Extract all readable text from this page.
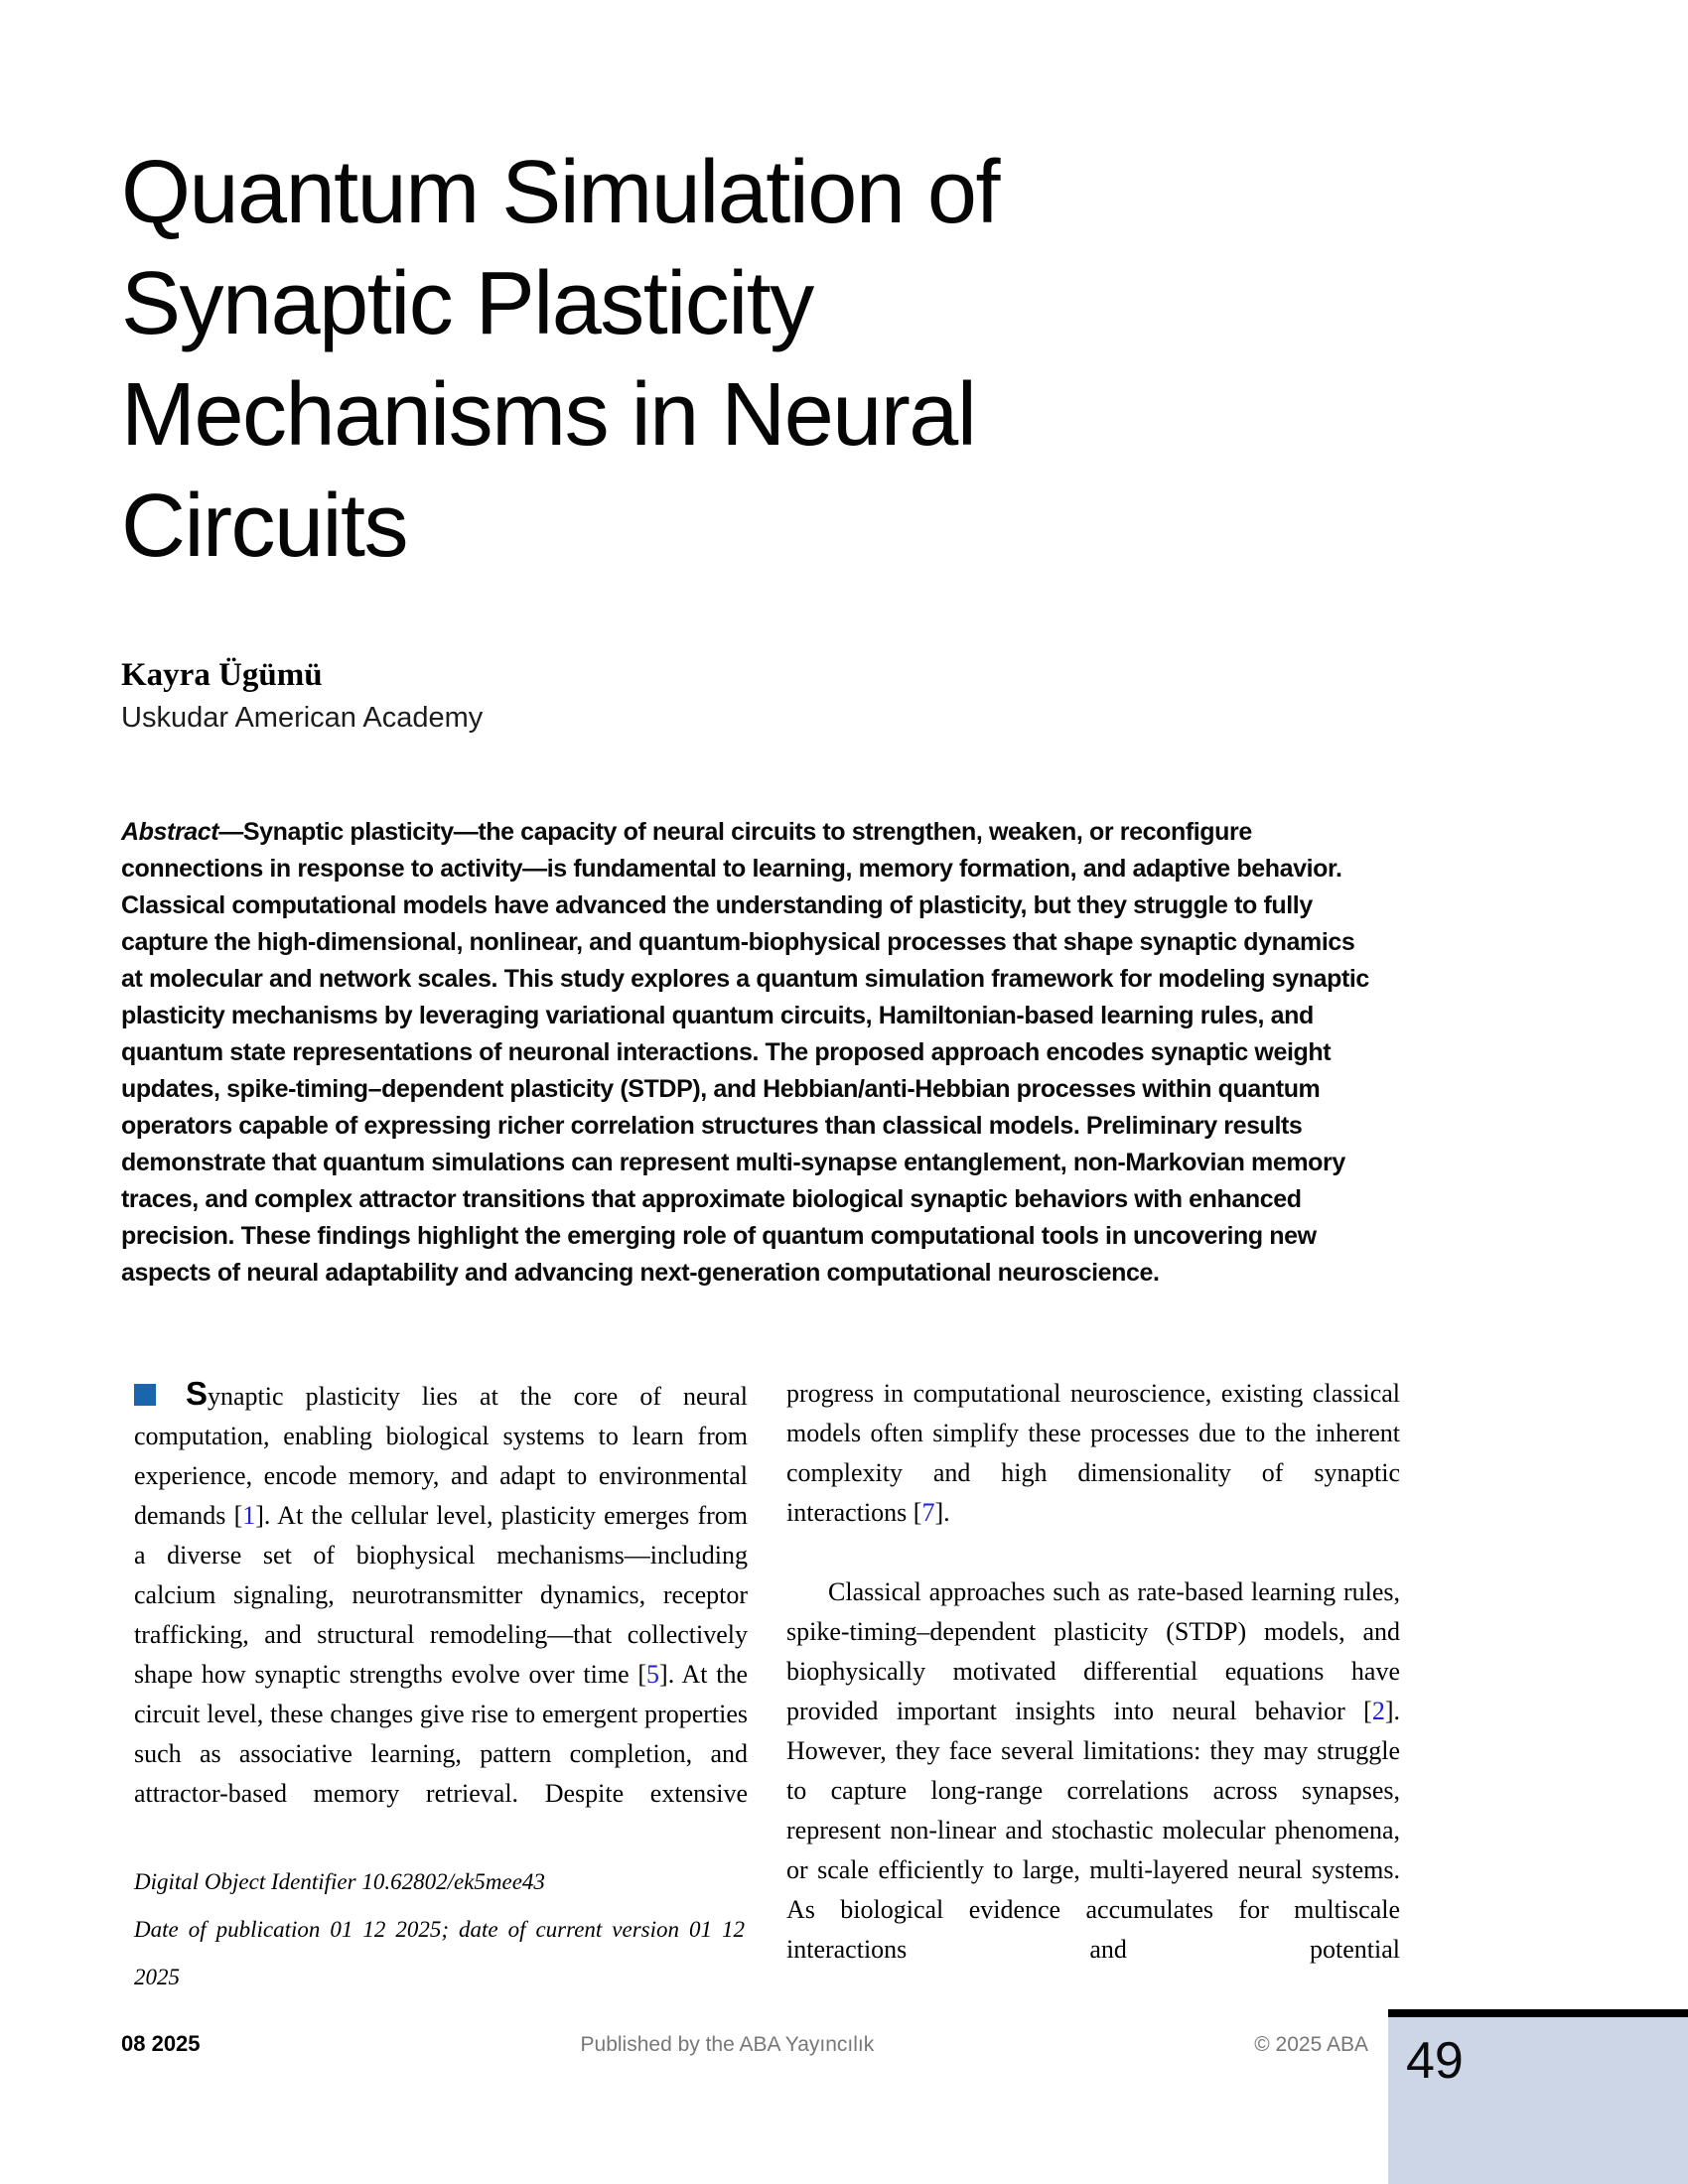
Quantum Simulation of
Synaptic Plasticity
Mechanisms in Neural
Circuits
Kayra Ügümü
Uskudar American Academy
Abstract—Synaptic plasticity—the capacity of neural circuits to strengthen, weaken, or reconfigure connections in response to activity—is fundamental to learning, memory formation, and adaptive behavior. Classical computational models have advanced the understanding of plasticity, but they struggle to fully capture the high-dimensional, nonlinear, and quantum-biophysical processes that shape synaptic dynamics at molecular and network scales. This study explores a quantum simulation framework for modeling synaptic plasticity mechanisms by leveraging variational quantum circuits, Hamiltonian-based learning rules, and quantum state representations of neuronal interactions. The proposed approach encodes synaptic weight updates, spike-timing–dependent plasticity (STDP), and Hebbian/anti-Hebbian processes within quantum operators capable of expressing richer correlation structures than classical models. Preliminary results demonstrate that quantum simulations can represent multi-synapse entanglement, non-Markovian memory traces, and complex attractor transitions that approximate biological synaptic behaviors with enhanced precision. These findings highlight the emerging role of quantum computational tools in uncovering new aspects of neural adaptability and advancing next-generation computational neuroscience.

Synaptic plasticity lies at the core of neural computation, enabling biological systems to learn from experience, encode memory, and adapt to environmental demands [1]. At the cellular level, plasticity emerges from a diverse set of biophysical mechanisms—including calcium signaling, neurotransmitter dynamics, receptor trafficking, and structural remodeling—that collectively shape how synaptic strengths evolve over time [5]. At the circuit level, these changes give rise to emergent properties such as associative learning, pattern completion, and attractor-based memory retrieval. Despite extensive

progress in computational neuroscience, existing classical models often simplify these processes due to the inherent complexity and high dimensionality of synaptic interactions [7].

Classical approaches such as rate-based learning rules, spike-timing–dependent plasticity (STDP) models, and biophysically motivated differential equations have provided important insights into neural behavior [2]. However, they face several limitations: they may struggle to capture long-range correlations across synapses, represent non-linear and stochastic molecular phenomena, or scale efficiently to large, multi-layered neural systems. As biological evidence accumulates for multiscale interactions and potential

Digital Object Identifier 10.62802/ek5mee43

Date of publication 01 12 2025; date of current version 01 12 2025

08 2025	Published by the ABA Yayıncılık	© 2025 ABA 49
